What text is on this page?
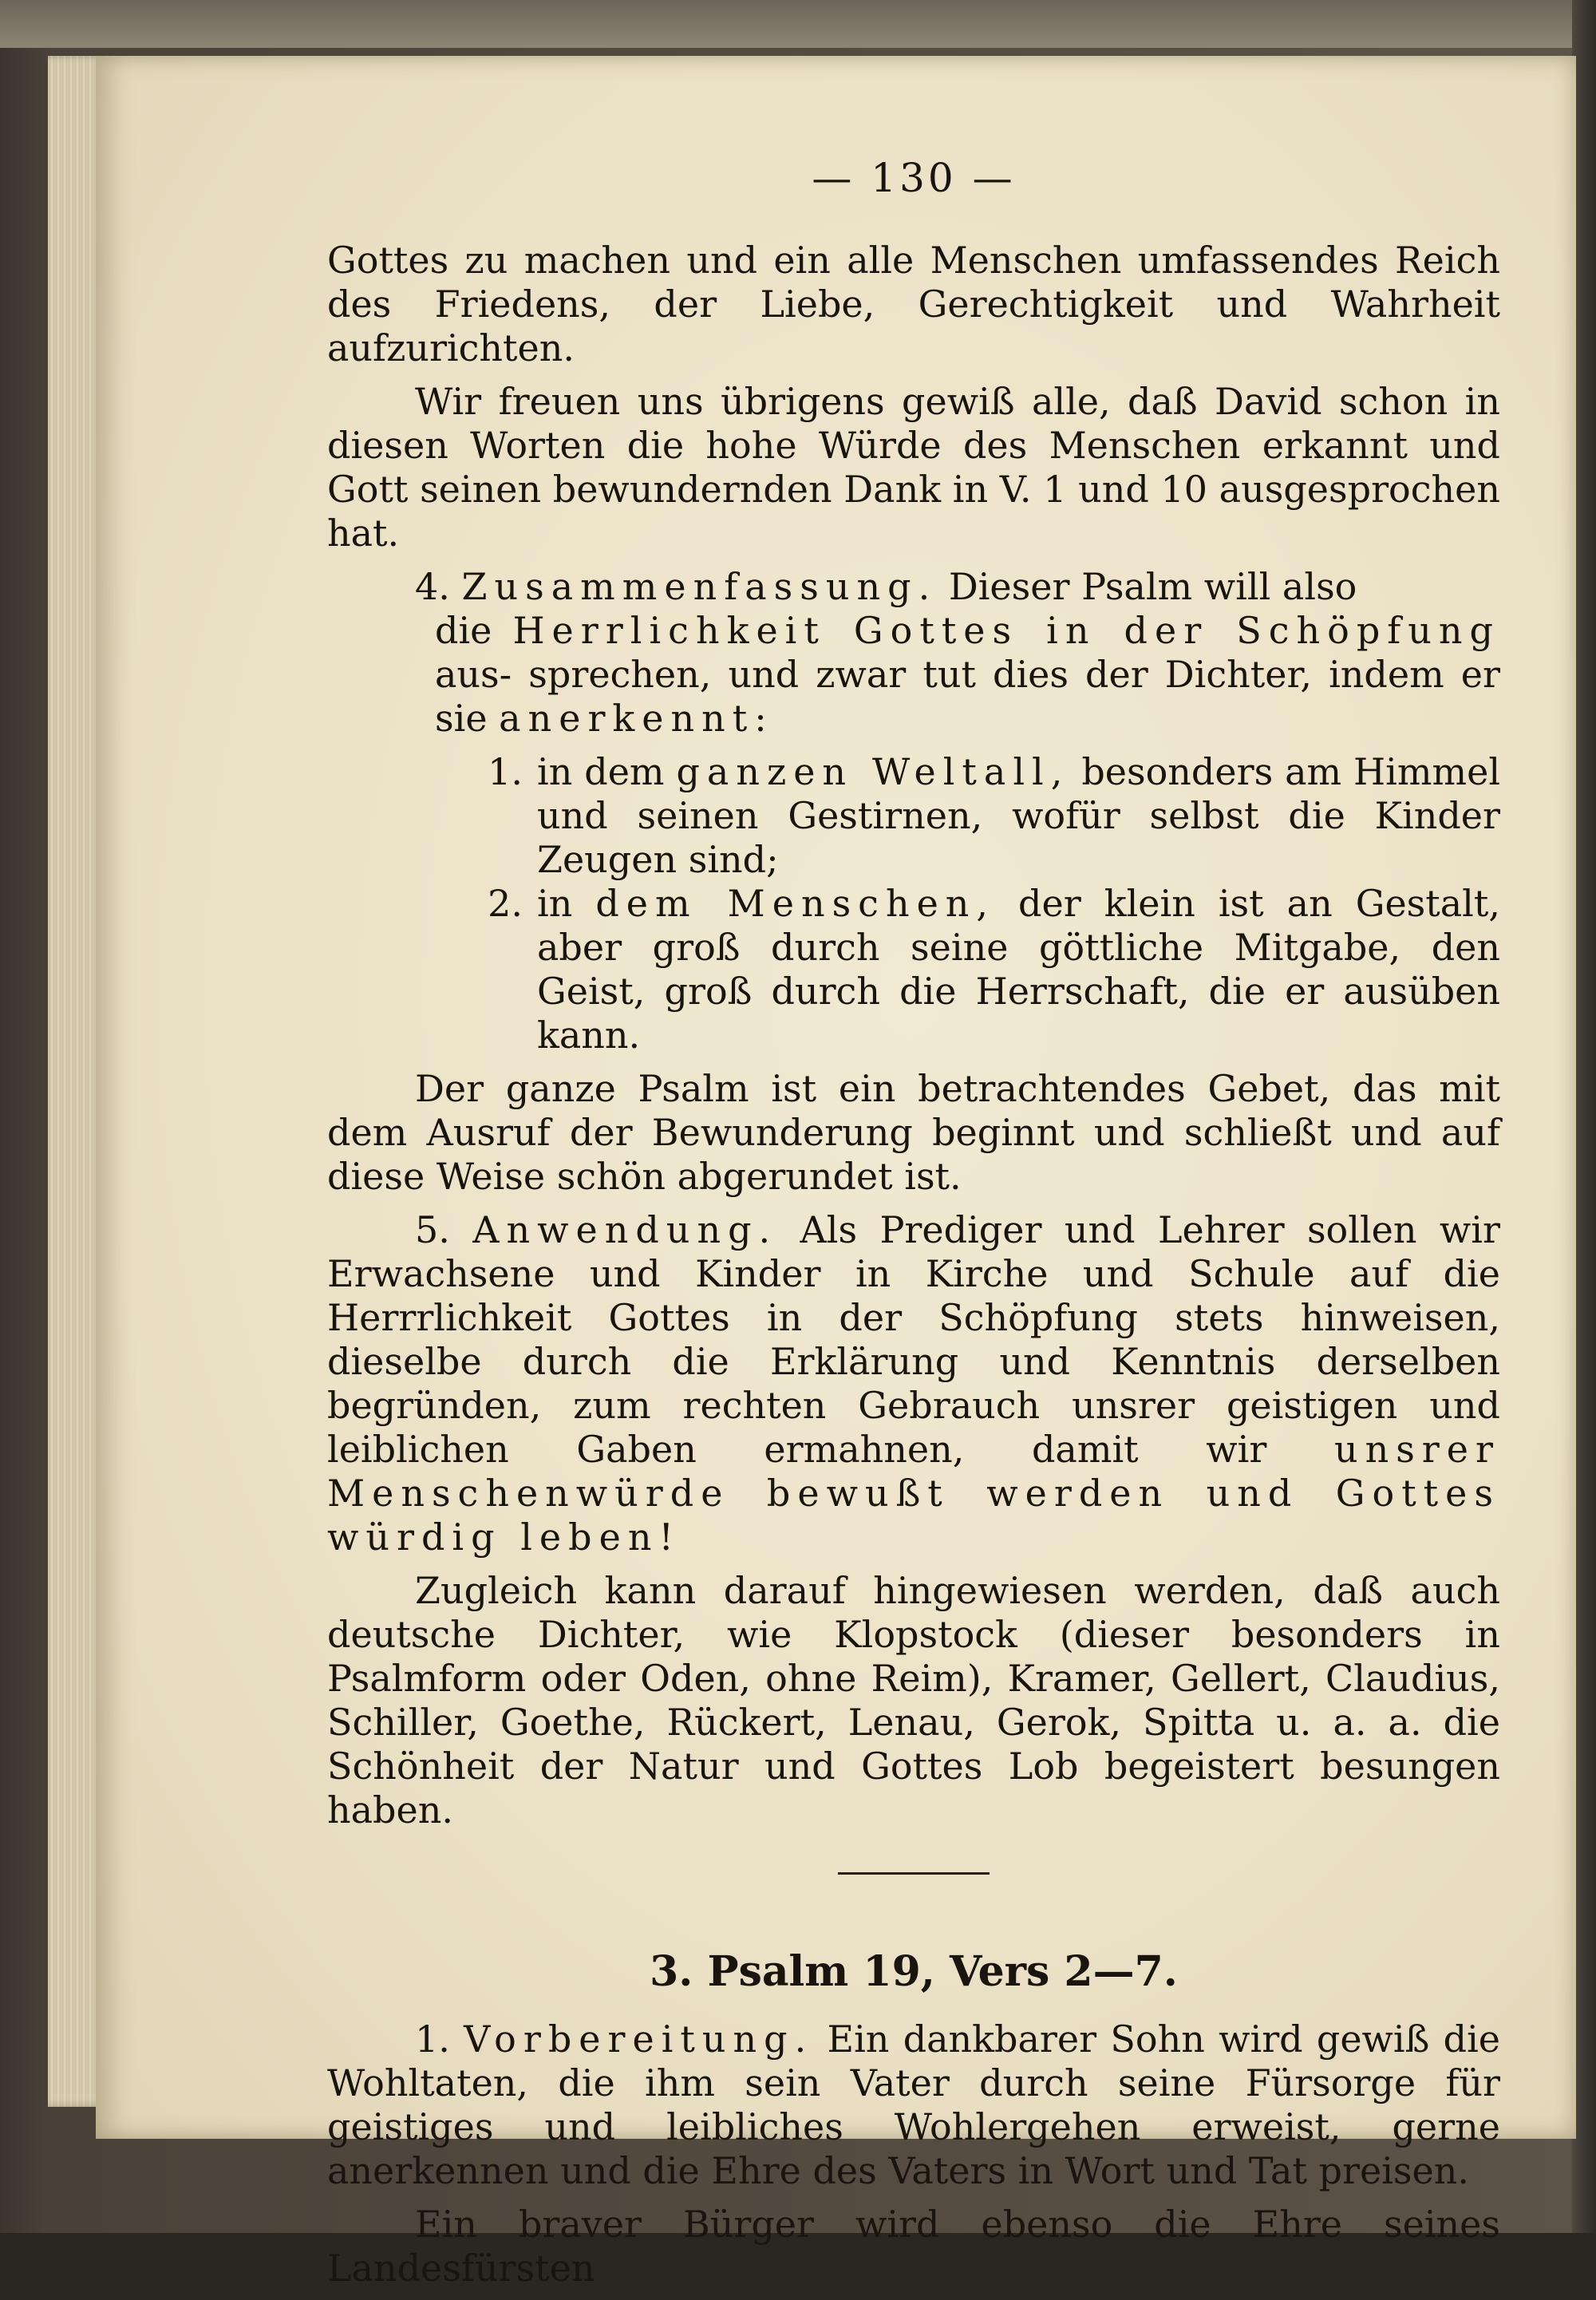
— 130 —

Gottes zu machen und ein alle Menschen umfassendes Reich des Friedens, der Liebe, Gerechtigkeit und Wahrheit aufzurichten.

Wir freuen uns übrigens gewiß alle, daß David schon in diesen Worten die hohe Würde des Menschen erkannt und Gott seinen bewundernden Dank in V. 1 und 10 ausgesprochen hat.

4. Zusammenfassung. Dieser Psalm will also

die Herrlichkeit Gottes in der Schöpfung aus- sprechen, und zwar tut dies der Dichter, indem er sie anerkennt:

1. in dem ganzen Weltall, besonders am Himmel und seinen Gestirnen, wofür selbst die Kinder Zeugen sind;
2. in dem Menschen, der klein ist an Gestalt, aber groß durch seine göttliche Mitgabe, den Geist, groß durch die Herrschaft, die er ausüben kann.

Der ganze Psalm ist ein betrachtendes Gebet, das mit dem Ausruf der Bewunderung beginnt und schließt und auf diese Weise schön abgerundet ist.

5. Anwendung. Als Prediger und Lehrer sollen wir Erwachsene und Kinder in Kirche und Schule auf die Herrrlichkeit Gottes in der Schöpfung stets hinweisen, dieselbe durch die Erklärung und Kenntnis derselben begründen, zum rechten Gebrauch unsrer geistigen und leiblichen Gaben ermahnen, damit wir unsrer Menschenwürde bewußt werden und Gottes würdig leben!

Zugleich kann darauf hingewiesen werden, daß auch deutsche Dichter, wie Klopstock (dieser besonders in Psalmform oder Oden, ohne Reim), Kramer, Gellert, Claudius, Schiller, Goethe, Rückert, Lenau, Gerok, Spitta u. a. a. die Schönheit der Natur und Gottes Lob begeistert besungen haben.

3. Psalm 19, Vers 2—7.

1. Vorbereitung. Ein dankbarer Sohn wird gewiß die Wohltaten, die ihm sein Vater durch seine Fürsorge für geistiges und leibliches Wohlergehen erweist, gerne anerkennen und die Ehre des Vaters in Wort und Tat preisen.

Ein braver Bürger wird ebenso die Ehre seines Landesfürsten
